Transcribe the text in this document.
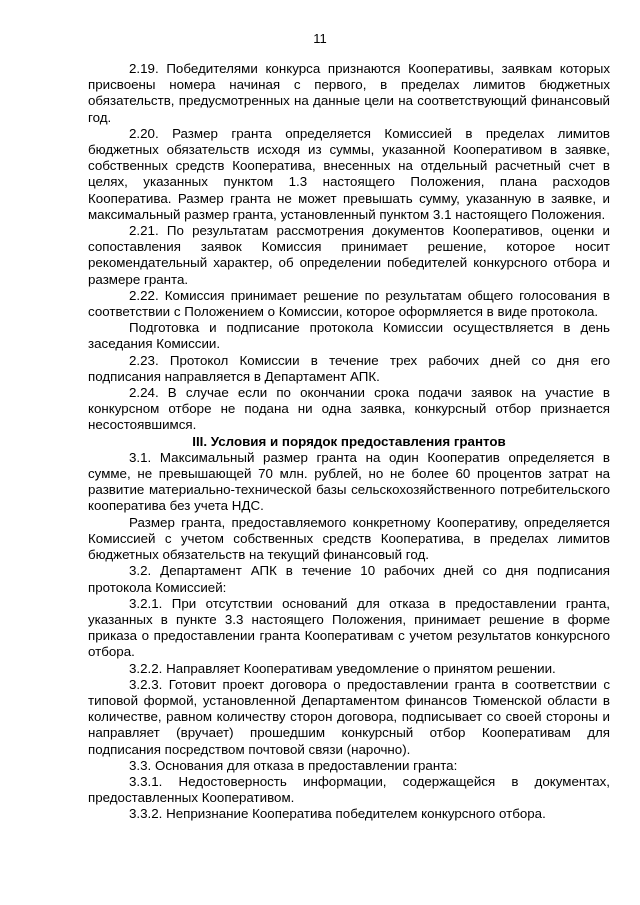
11

2.19. Победителями конкурса признаются Кооперативы, заявкам которых присвоены номера начиная с первого, в пределах лимитов бюджетных обязательств, предусмотренных на данные цели на соответствующий финансовый год.

2.20. Размер гранта определяется Комиссией в пределах лимитов бюджетных обязательств исходя из суммы, указанной Кооперативом в заявке, собственных средств Кооператива, внесенных на отдельный расчетный счет в целях, указанных пунктом 1.3 настоящего Положения, плана расходов Кооператива. Размер гранта не может превышать сумму, указанную в заявке, и максимальный размер гранта, установленный пунктом 3.1 настоящего Положения.

2.21. По результатам рассмотрения документов Кооперативов, оценки и сопоставления заявок Комиссия принимает решение, которое носит рекомендательный характер, об определении победителей конкурсного отбора и размере гранта.

2.22. Комиссия принимает решение по результатам общего голосования в соответствии с Положением о Комиссии, которое оформляется в виде протокола.

Подготовка и подписание протокола Комиссии осуществляется в день заседания Комиссии.

2.23. Протокол Комиссии в течение трех рабочих дней со дня его подписания направляется в Департамент АПК.

2.24. В случае если по окончании срока подачи заявок на участие в конкурсном отборе не подана ни одна заявка, конкурсный отбор признается несостоявшимся.

III. Условия и порядок предоставления грантов

3.1. Максимальный размер гранта на один Кооператив определяется в сумме, не превышающей 70 млн. рублей, но не более 60 процентов затрат на развитие материально-технической базы сельскохозяйственного потребительского кооператива без учета НДС.

Размер гранта, предоставляемого конкретному Кооперативу, определяется Комиссией с учетом собственных средств Кооператива, в пределах лимитов бюджетных обязательств на текущий финансовый год.

3.2. Департамент АПК в течение 10 рабочих дней со дня подписания протокола Комиссией:

3.2.1. При отсутствии оснований для отказа в предоставлении гранта, указанных в пункте 3.3 настоящего Положения, принимает решение в форме приказа о предоставлении гранта Кооперативам с учетом результатов конкурсного отбора.

3.2.2. Направляет Кооперативам уведомление о принятом решении.

3.2.3. Готовит проект договора о предоставлении гранта в соответствии с типовой формой, установленной Департаментом финансов Тюменской области в количестве, равном количеству сторон договора, подписывает со своей стороны и направляет (вручает) прошедшим конкурсный отбор Кооперативам для подписания посредством почтовой связи (нарочно).

3.3. Основания для отказа в предоставлении гранта:

3.3.1. Недостоверность информации, содержащейся в документах, предоставленных Кооперативом.

3.3.2. Непризнание Кооператива победителем конкурсного отбора.
